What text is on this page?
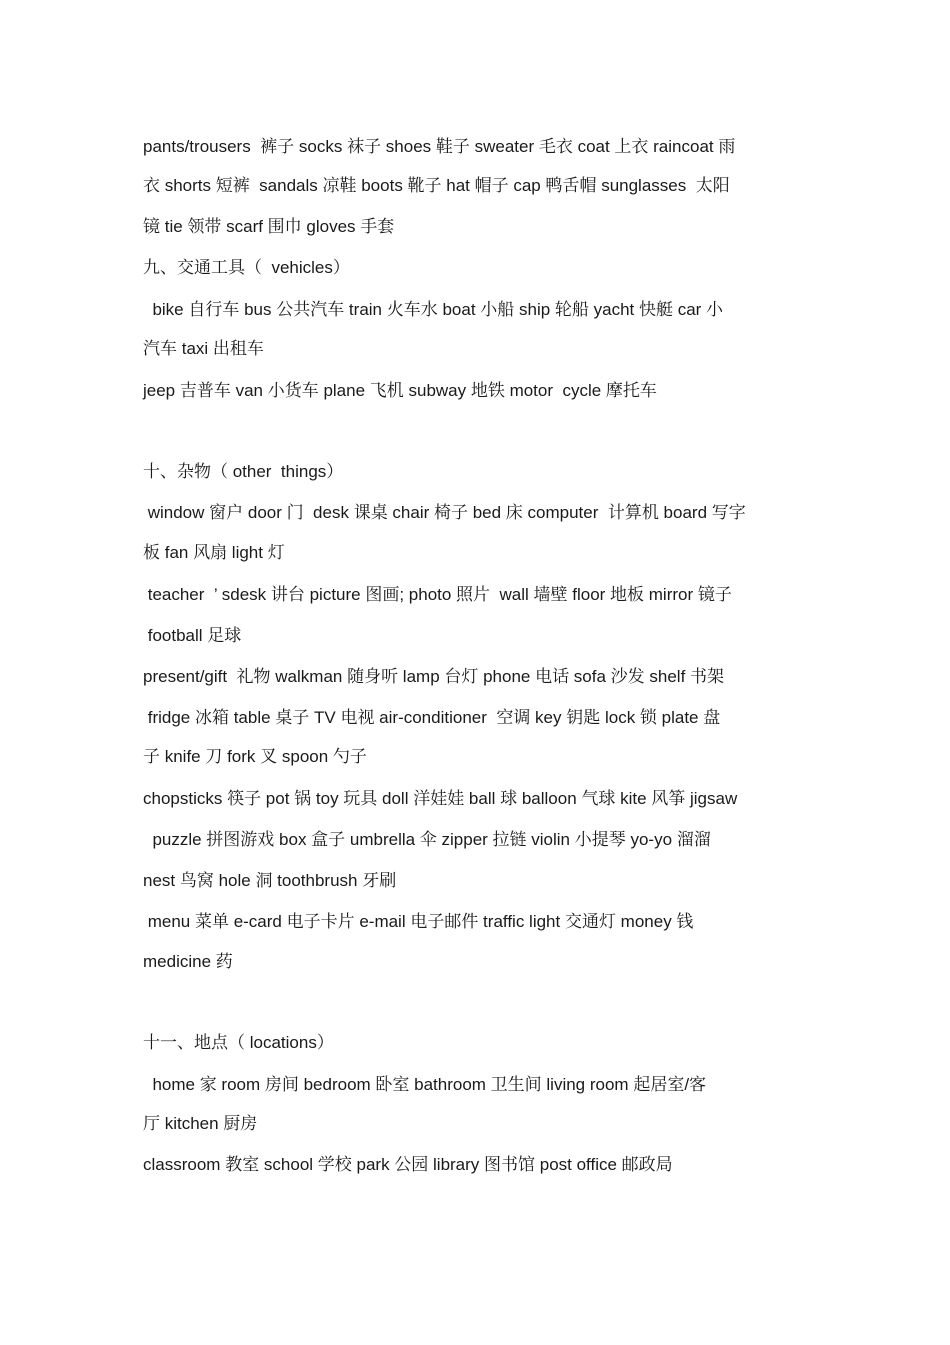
pants/trousers  裤子 socks 袜子 shoes 鞋子 sweater 毛衣 coat 上衣 raincoat 雨
衣 shorts 短裤  sandals 凉鞋 boots 靴子 hat 帽子 cap 鸭舌帽 sunglasses  太阳
镜 tie 领带 scarf 围巾 gloves 手套
九、交通工具（  vehicles）
bike 自行车 bus 公共汽车 train 火车水 boat 小船 ship 轮船 yacht 快艇 car 小
汽车 taxi 出租车
jeep 吉普车 van 小货车 plane 飞机 subway 地铁 motor  cycle 摩托车
十、杂物（ other  things）
window 窗户 door 门  desk 课桌 chair 椅子 bed 床 computer  计算机 board 写字
板 fan 风扇 light 灯
teacher  ’ sdesk 讲台 picture 图画; photo 照片  wall 墙壁 floor 地板 mirror 镜子
football 足球
present/gift  礼物 walkman 随身听 lamp 台灯 phone 电话 sofa 沙发 shelf 书架
fridge 冰箱 table 桌子 TV 电视 air-conditioner  空调 key 钥匙 lock 锁 plate 盘
子 knife 刀 fork 叉 spoon 勺子
chopsticks 筷子 pot 锅 toy 玩具 doll 洋娃娃 ball 球 balloon 气球 kite 风筝 jigsaw
puzzle 拼图游戏 box 盒子 umbrella 伞 zipper 拉链 violin 小提琴 yo-yo 溜溜
nest 鸟窝 hole 洞 toothbrush 牙刷
menu 菜单 e-card 电子卡片 e-mail 电子邮件 traffic light 交通灯 money 钱
medicine 药
十一、地点（ locations）
home 家 room 房间 bedroom 卧室 bathroom 卫生间 living room 起居室/客
厅 kitchen 厨房
classroom 教室 school 学校 park 公园 library 图书馆 post office 邮政局
